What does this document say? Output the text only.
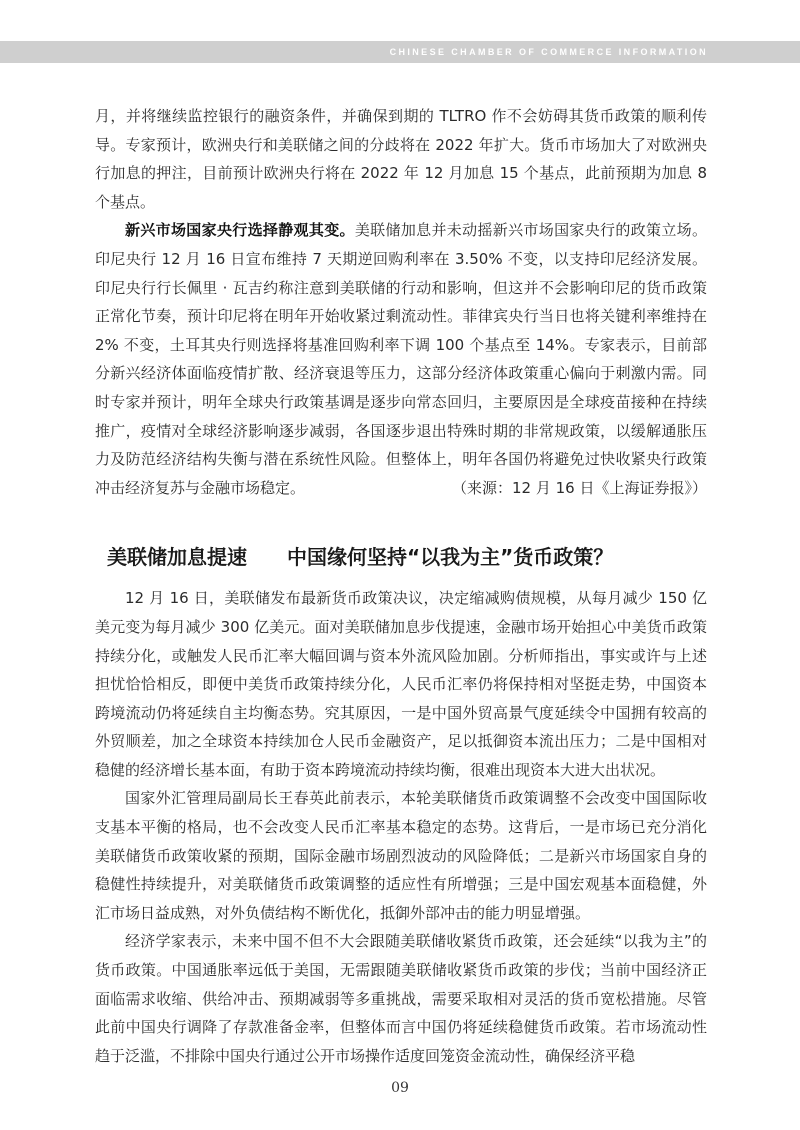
CHINESE CHAMBER OF COMMERCE INFORMATION

月，并将继续监控银行的融资条件，并确保到期的 TLTRO 作不会妨碍其货币政策的顺利传导。专家预计，欧洲央行和美联储之间的分歧将在 2022 年扩大。货币市场加大了对欧洲央行加息的押注，目前预计欧洲央行将在 2022 年 12 月加息 15 个基点，此前预期为加息 8 个基点。

新兴市场国家央行选择静观其变。美联储加息并未动摇新兴市场国家央行的政策立场。印尼央行 12 月 16 日宣布维持 7 天期逆回购利率在 3.50% 不变，以支持印尼经济发展。印尼央行行长佩里 · 瓦吉约称注意到美联储的行动和影响，但这并不会影响印尼的货币政策正常化节奏，预计印尼将在明年开始收紧过剩流动性。菲律宾央行当日也将关键利率维持在 2% 不变，土耳其央行则选择将基准回购利率下调 100 个基点至 14%。专家表示，目前部分新兴经济体面临疫情扩散、经济衰退等压力，这部分经济体政策重心偏向于刺激内需。同时专家并预计，明年全球央行政策基调是逐步向常态回归，主要原因是全球疫苗接种在持续推广，疫情对全球经济影响逐步减弱，各国逐步退出特殊时期的非常规政策，以缓解通胀压力及防范经济结构失衡与潜在系统性风险。但整体上，明年各国仍将避免过快收紧央行政策冲击经济复苏与金融市场稳定。	（来源：12 月 16 日《上海证券报》）

美联储加息提速 中国缘何坚持“以我为主”货币政策？

12 月 16 日，美联储发布最新货币政策决议，决定缩减购债规模，从每月减少 150 亿美元变为每月减少 300 亿美元。面对美联储加息步伐提速，金融市场开始担心中美货币政策持续分化，或触发人民币汇率大幅回调与资本外流风险加剧。分析师指出，事实或许与上述担忧恰恰相反，即便中美货币政策持续分化，人民币汇率仍将保持相对坚挺走势，中国资本跨境流动仍将延续自主均衡态势。究其原因，一是中国外贸高景气度延续令中国拥有较高的外贸顺差，加之全球资本持续加仓人民币金融资产，足以抵御资本流出压力；二是中国相对稳健的经济增长基本面，有助于资本跨境流动持续均衡，很难出现资本大进大出状况。

国家外汇管理局副局长王春英此前表示，本轮美联储货币政策调整不会改变中国国际收支基本平衡的格局，也不会改变人民币汇率基本稳定的态势。这背后，一是市场已充分消化美联储货币政策收紧的预期，国际金融市场剧烈波动的风险降低；二是新兴市场国家自身的稳健性持续提升，对美联储货币政策调整的适应性有所增强；三是中国宏观基本面稳健，外汇市场日益成熟，对外负债结构不断优化，抵御外部冲击的能力明显增强。

经济学家表示，未来中国不但不大会跟随美联储收紧货币政策，还会延续“以我为主”的货币政策。中国通胀率远低于美国，无需跟随美联储收紧货币政策的步伐；当前中国经济正面临需求收缩、供给冲击、预期减弱等多重挑战，需要采取相对灵活的货币宽松措施。尽管此前中国央行调降了存款准备金率，但整体而言中国仍将延续稳健货币政策。若市场流动性趋于泛滥，不排除中国央行通过公开市场操作适度回笼资金流动性，确保经济平稳

09
